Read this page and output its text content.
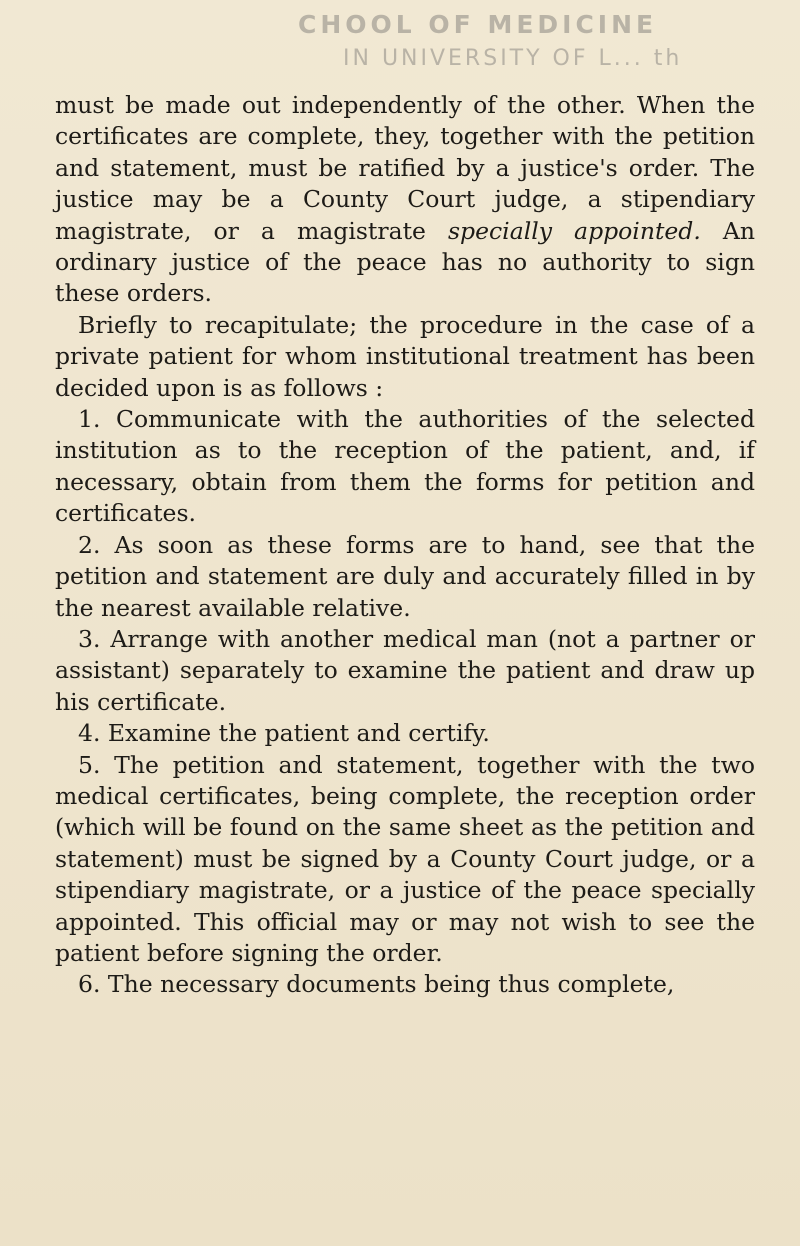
CHOOL OF MEDICINE
IN UNIVERSITY OF L... th

must be made out independently of the other. When the certificates are complete, they, together with the petition and statement, must be ratified by a justice's order. The justice may be a County Court judge, a stipendiary magistrate, or a magistrate specially appointed. An ordinary justice of the peace has no authority to sign these orders.

Briefly to recapitulate; the procedure in the case of a private patient for whom institutional treatment has been decided upon is as follows :

1. Communicate with the authorities of the selected institution as to the reception of the patient, and, if necessary, obtain from them the forms for petition and certificates.

2. As soon as these forms are to hand, see that the petition and statement are duly and accurately filled in by the nearest available relative.

3. Arrange with another medical man (not a partner or assistant) separately to examine the patient and draw up his certificate.

4. Examine the patient and certify.

5. The petition and statement, together with the two medical certificates, being complete, the reception order (which will be found on the same sheet as the petition and statement) must be signed by a County Court judge, or a stipendiary magistrate, or a justice of the peace specially appointed. This official may or may not wish to see the patient before signing the order.

6. The necessary documents being thus complete,
